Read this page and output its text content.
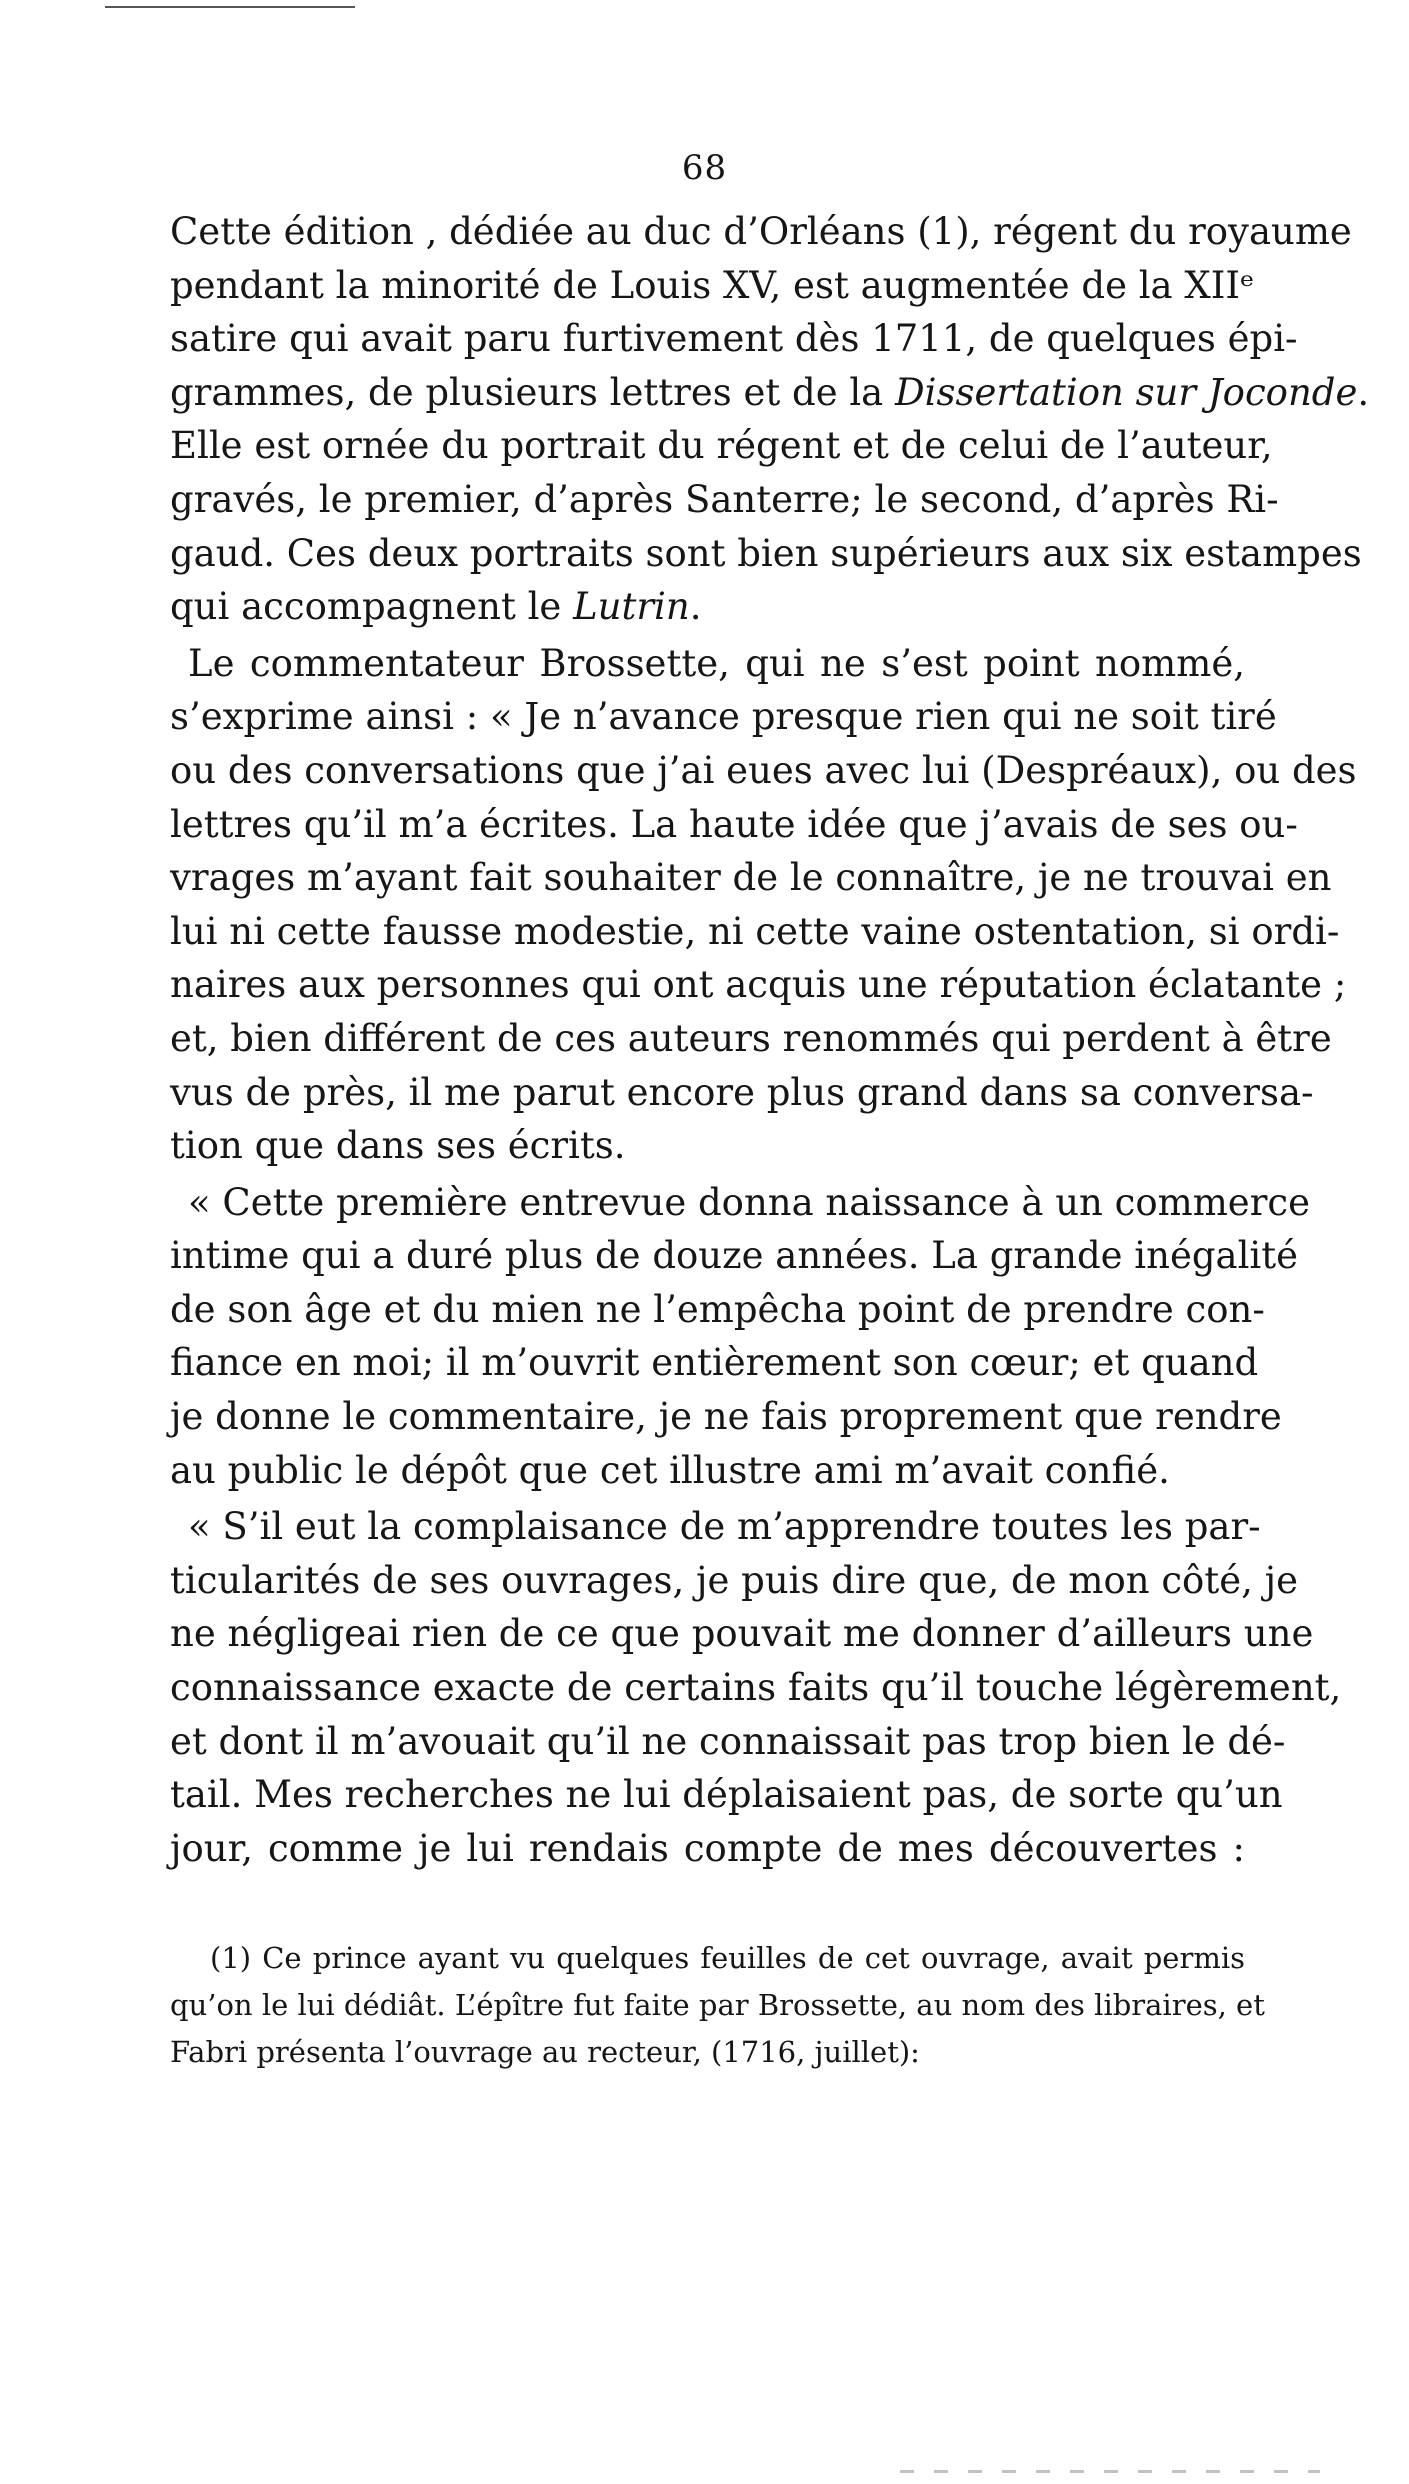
68
Cette édition , dédiée au duc d’Orléans (1), régent du royaume
pendant la minorité de Louis XV, est augmentée de la XIIᵉ
satire qui avait paru furtivement dès 1711, de quelques épi-
grammes, de plusieurs lettres et de la Dissertation sur Joconde.
Elle est ornée du portrait du régent et de celui de l’auteur,
gravés, le premier, d’après Santerre; le second, d’après Ri-
gaud. Ces deux portraits sont bien supérieurs aux six estampes
qui accompagnent le Lutrin.
Le commentateur Brossette, qui ne s’est point nommé,
s’exprime ainsi : « Je n’avance presque rien qui ne soit tiré
ou des conversations que j’ai eues avec lui (Despréaux), ou des
lettres qu’il m’a écrites. La haute idée que j’avais de ses ou-
vrages m’ayant fait souhaiter de le connaître, je ne trouvai en
lui ni cette fausse modestie, ni cette vaine ostentation, si ordi-
naires aux personnes qui ont acquis une réputation éclatante ;
et, bien différent de ces auteurs renommés qui perdent à être
vus de près, il me parut encore plus grand dans sa conversa-
tion que dans ses écrits.
« Cette première entrevue donna naissance à un commerce
intime qui a duré plus de douze années. La grande inégalité
de son âge et du mien ne l’empêcha point de prendre con-
fiance en moi; il m’ouvrit entièrement son cœur; et quand
je donne le commentaire, je ne fais proprement que rendre
au public le dépôt que cet illustre ami m’avait confié.
« S’il eut la complaisance de m’apprendre toutes les par-
ticularités de ses ouvrages, je puis dire que, de mon côté, je
ne négligeai rien de ce que pouvait me donner d’ailleurs une
connaissance exacte de certains faits qu’il touche légèrement,
et dont il m’avouait qu’il ne connaissait pas trop bien le dé-
tail. Mes recherches ne lui déplaisaient pas, de sorte qu’un
jour, comme je lui rendais compte de mes découvertes :
(1) Ce prince ayant vu quelques feuilles de cet ouvrage, avait permis
qu’on le lui dédiât. L’épître fut faite par Brossette, au nom des libraires, et
Fabri présenta l’ouvrage au recteur, (1716, juillet):
